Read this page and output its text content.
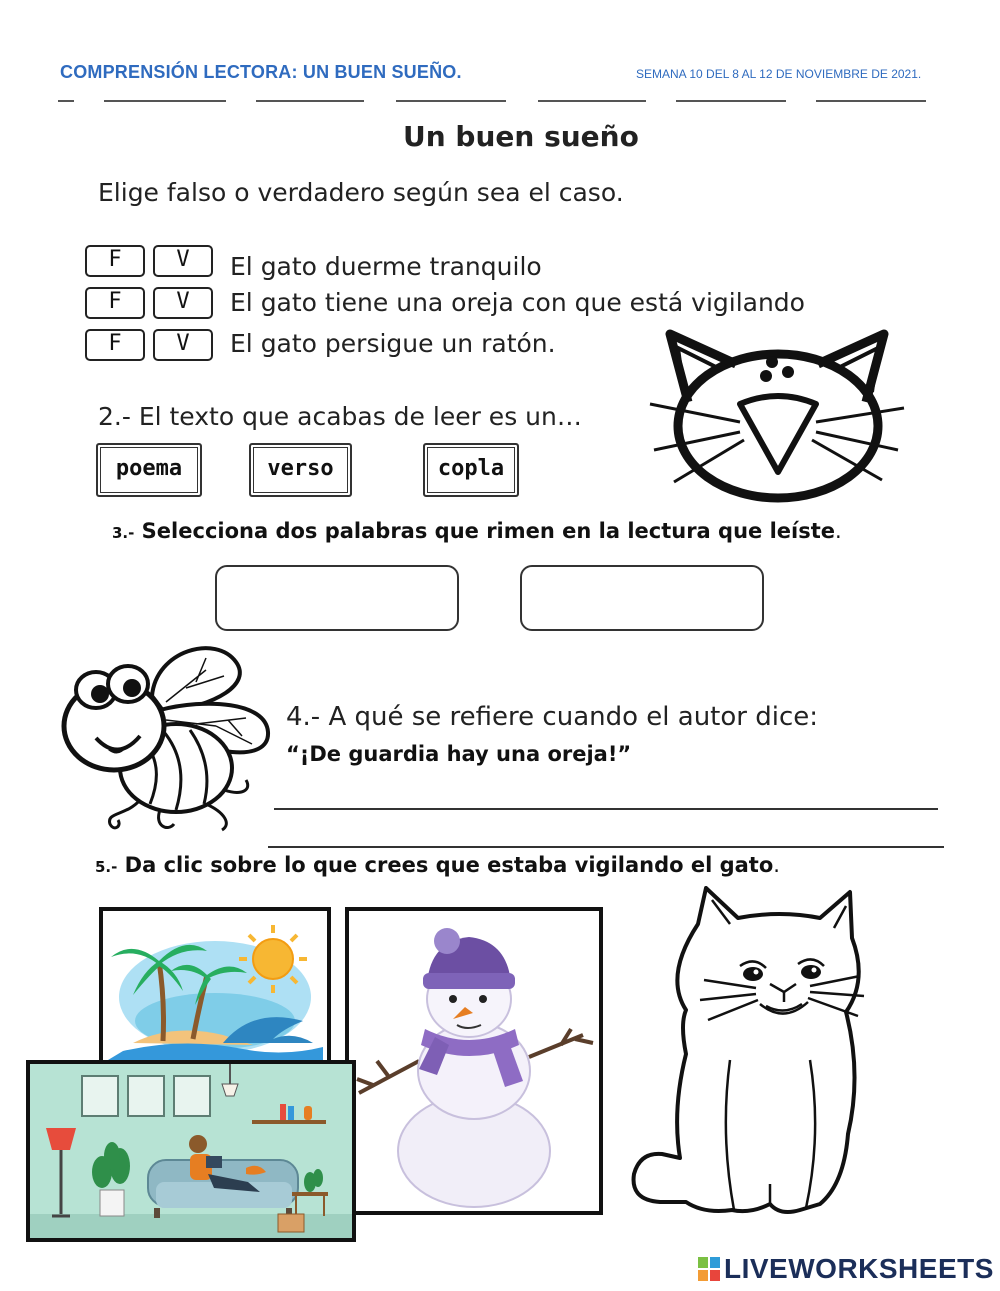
COMPRENSIÓN LECTORA: UN BUEN SUEÑO.	SEMANA 10 DEL 8 AL 12 DE NOVIEMBRE DE 2021.
Un buen sueño
Elige falso o verdadero según sea el caso.
F	V	El gato duerme tranquilo
F	V	El gato tiene una oreja con que está vigilando
F	V	El gato persigue un ratón.
2.- El texto que acabas de leer es un…
poema	verso	copla
3.- Selecciona dos palabras que rimen en la lectura que leíste.
4.- A qué se refiere cuando el autor dice:
“¡De guardia hay una oreja!”
5.- Da clic sobre lo que crees que estaba vigilando el gato.
LIVEWORKSHEETS
